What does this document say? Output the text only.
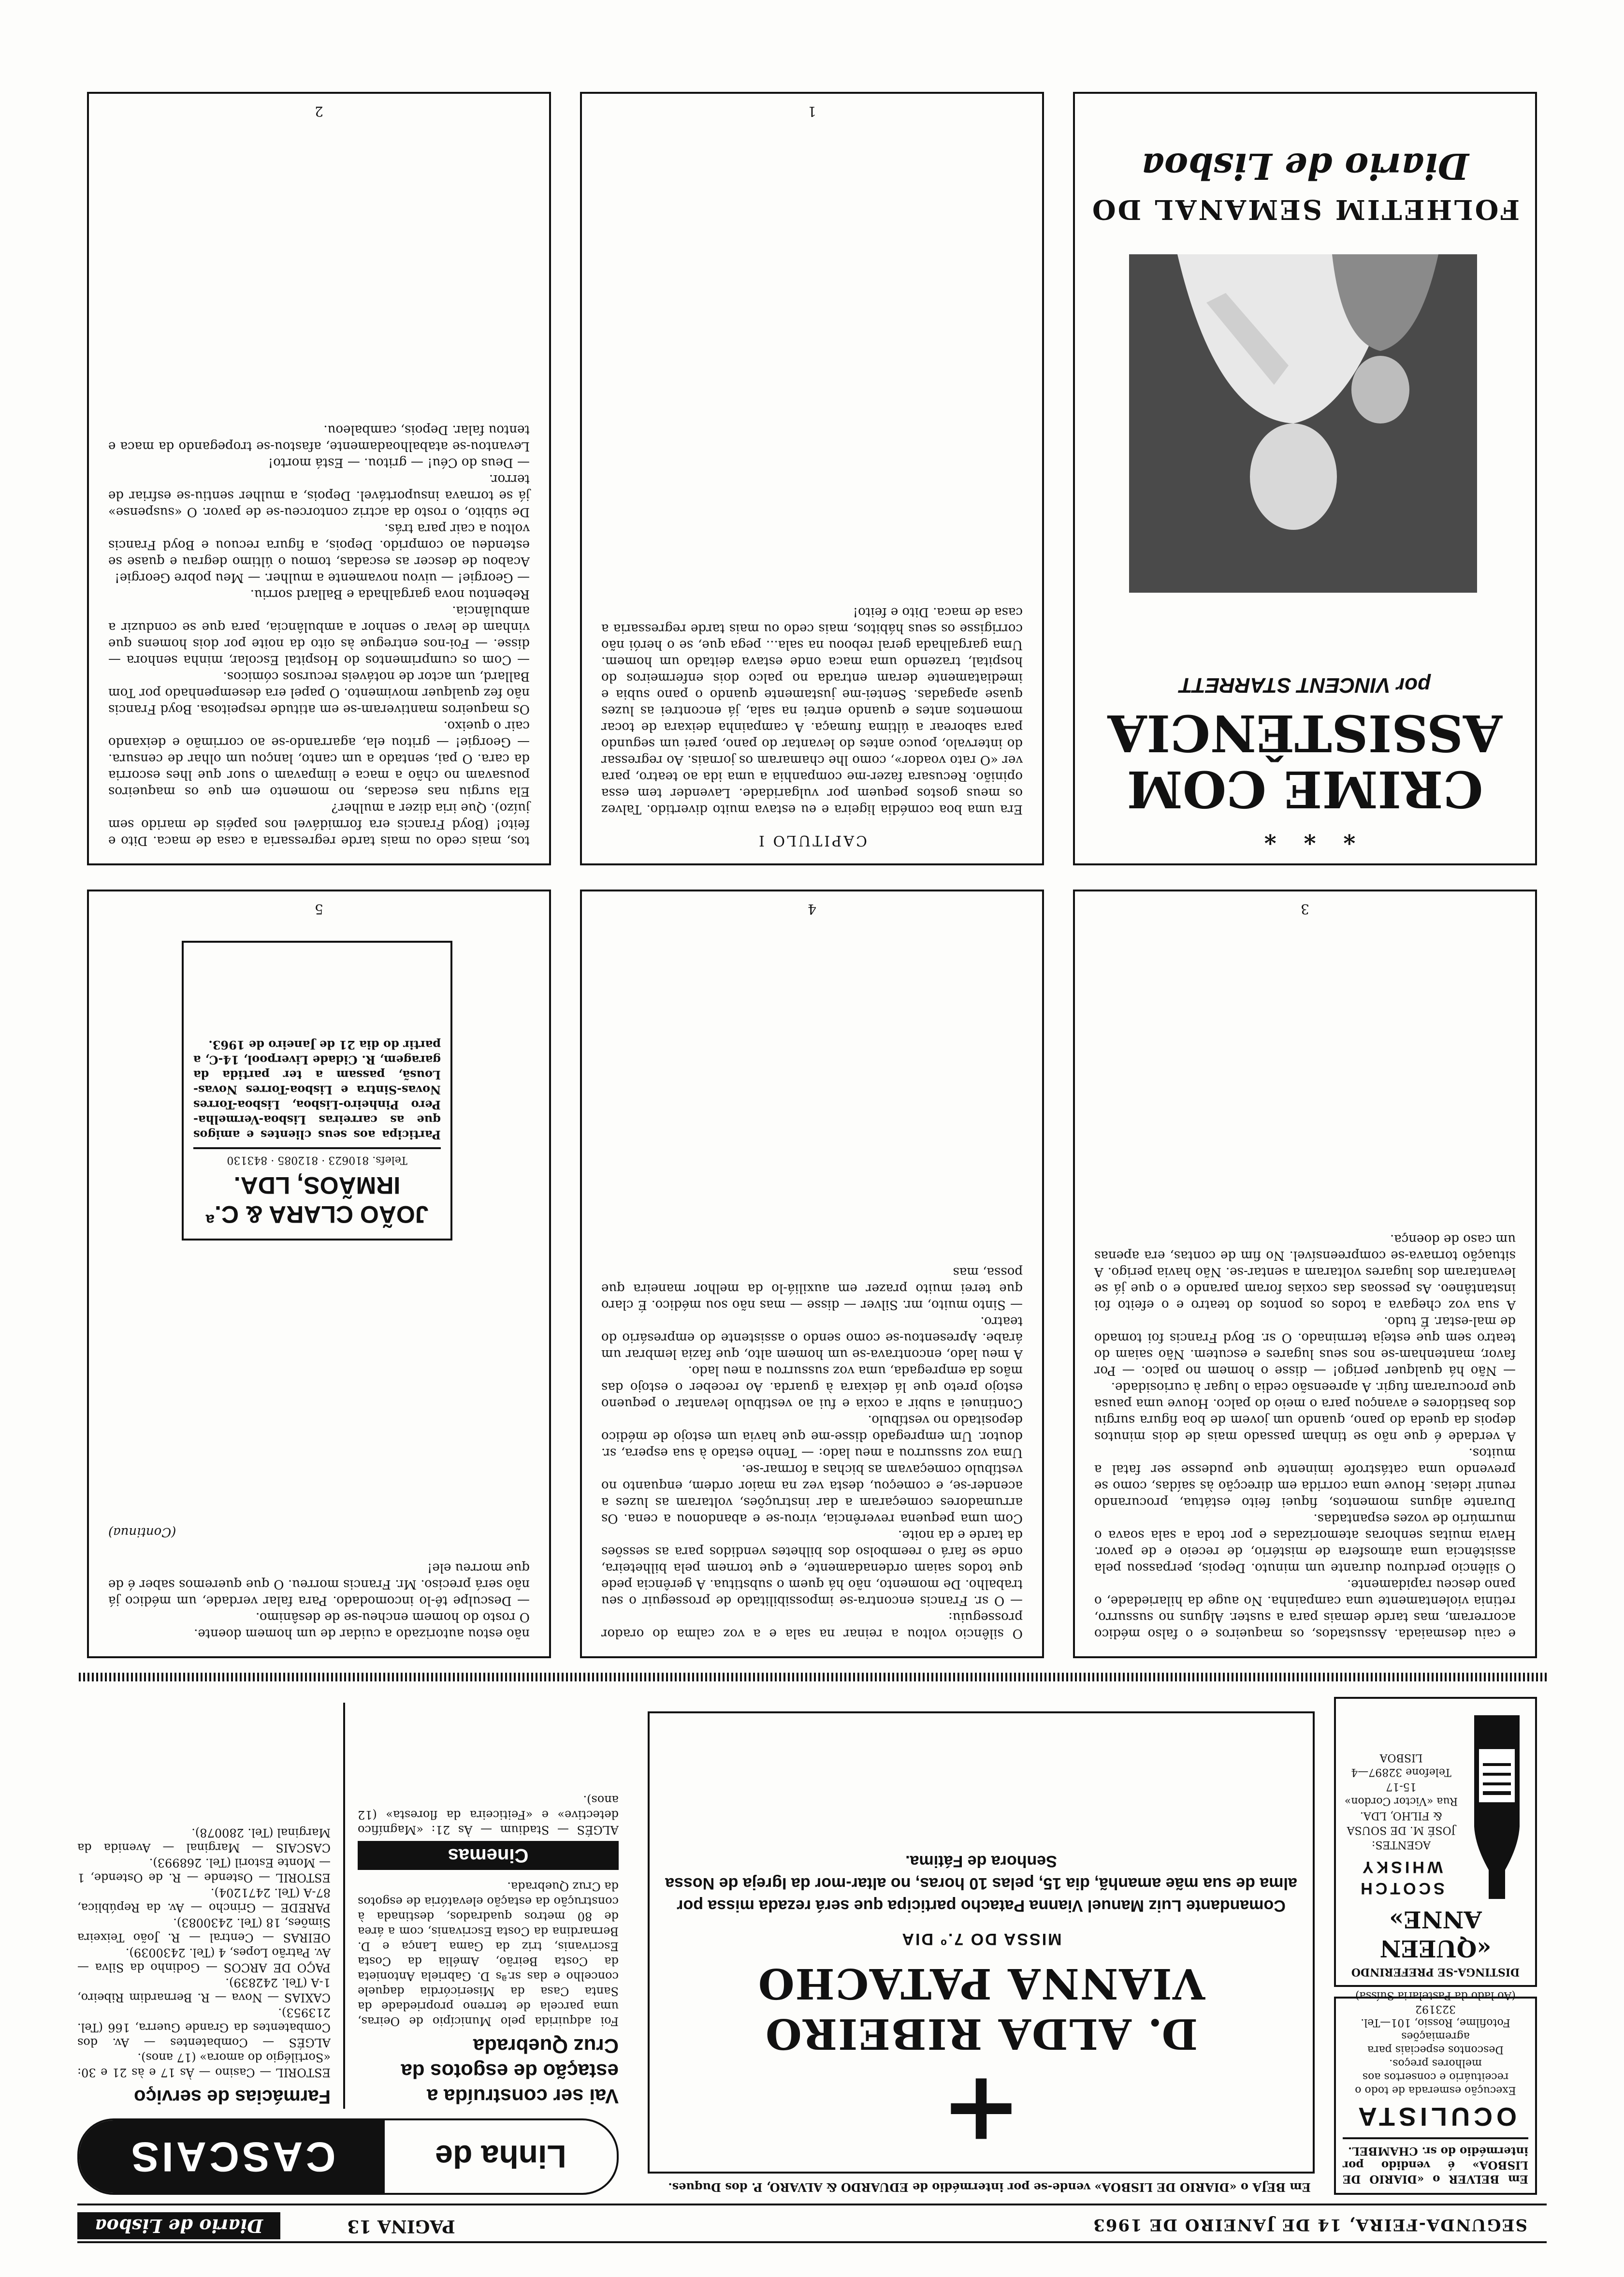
SEGUNDA-FEIRA, 14 DE JANEIRO DE 1963
PAGINA 13
Diario de Lisboa
Em BELVER o «DIARIO DE LISBOA» é vendido por intermédio do sr. CHAMBEL.
OCULISTA
Execução esmerada de todo o receituário e consertos aos melhores preços.
Descontos especiais para agremiações
Fotofilme, Rossio, 101—Tel. 323192
(Ao lado da Pastelaria Suíssa)
DISTINGA-SE PREFERINDO
«QUEEN ANNE»
SCOTCH WHISKY
AGENTES:
JOSÉ M. DE SOUSA & FILHO, LDA.
Rua «Victor Cordon» 15-17
Telefone 32897—4
LISBOA
Em BEJA o «DIARIO DE LISBOA» vende-se por intermédio de EDUARDO & ALVARO, P. dos Duques.
+
D. ALDA RIBEIRO VIANNA PATACHO
MISSA DO 7.º DIA
Comandante Luiz Manuel Vianna Patacho participa que será rezada missa por alma de sua mãe amanhã, dia 15, pelas 10 horas, no altar-mor da Igreja de Nossa Senhora de Fátima.
Linha de
CASCAIS
Vai ser construída a estação de esgotos da Cruz Quebrada
Foi adquirida pelo Município de Oeiras, uma parcela de terreno propriedade da Santa Casa da Misericórdia daquele concelho e das sr.ªs D. Gabriela Antonieta da Costa Beirão, Amélia da Costa Escrivanis, triz da Gama Lança e D. Bernardina da Costa Escrivanis, com a área de 80 metros quadrados, destinada à construção da estação elevatória de esgotos da Cruz Quebrada.
Cinemas
ALGÉS — Stadium — Às 21: «Magnífico detective» e «Feiticeira da floresta» (12 anos).
Farmácias de serviço
ESTORIL — Casino — Às 17 e às 21 e 30: «Sortilégio do amora» (17 anos).
ALGÉS — Combatentes — Av. dos Combatentes da Grande Guerra, 166 (Tel. 213953).
CAXIAS — Nova — R. Bernardim Ribeiro, 1-A (Tel. 242839).
PAÇO DE ARCOS — Godinho da Silva — Av. Patrão Lopes, 4 (Tel. 2430039).
OEIRAS — Central — R. João Teixeira Simões, 18 (Tel. 2430083).
PAREDE — Grincho — Av. da República, 87-A (Tel. 2471204).
ESTORIL — Ostende — R. de Ostende, 1 — Monte Estoril (Tel. 268993).
CASCAIS — Marginal — Avenida da Marginal (Tel. 280078).
e caiu desmaiada. Assustados, os maqueiros e o falso médico acorreram, mas tarde demais para a suster. Alguns no sussurro, retinia violentamente uma campainha. No auge da hilariedade, o pano desceu rapidamente.
O silêncio perdurou durante um minuto. Depois, perpassou pela assistência uma atmosfera de mistério, de receio e de pavor. Havia muitas senhoras atemorizadas e por toda a sala soava o murmúrio de vozes espantadas.
Durante alguns momentos, fiquei feito estátua, procurando reunir ideias. Houve uma corrida em direcção às saídas, como se prevendo uma catástrofe iminente que pudesse ser fatal a muitos.
A verdade é que não se tinham passado mais de dois minutos depois da queda do pano, quando um jovem de boa figura surgiu dos bastidores e avançou para o meio do palco. Houve uma pausa que procuraram fugir. A apreensão cedia o lugar à curiosidade.
— Não há qualquer perigo! — disse o homem no palco. — Por favor, mantenham-se nos seus lugares e escutem. Não saiam do teatro sem que esteja terminado. O sr. Boyd Francis foi tomado de mal-estar. É tudo.
A sua voz chegava a todos os pontos do teatro e o efeito foi instantâneo. As pessoas das coxias foram parando e o que já se levantaram dos lugares voltaram a sentar-se. Não havia perigo. A situação tornava-se compreensível. No fim de contas, era apenas um caso de doença.
3
O silêncio voltou a reinar na sala e a voz calma do orador prosseguiu:
— O sr. Francis encontra-se impossibilitado de prosseguir o seu trabalho. De momento, não há quem o substitua. A gerência pede que todos saiam ordenadamente, e que tornem pela bilheteira, onde se fará o reembolso dos bilhetes vendidos para as sessões da tarde e da noite.
Com uma pequena reverência, virou-se e abandonou a cena. Os arrumadores começaram a dar instruções, voltaram as luzes a acender-se, e começou, desta vez na maior ordem, enquanto no vestíbulo começavam as bichas a formar-se.
Uma voz sussurrou a meu lado: — Tenho estado à sua espera, sr. doutor. Um empregado disse-me que havia um estojo de médico depositado no vestíbulo.
Continuei a subir a coxia e fui ao vestíbulo levantar o pequeno estojo preto que lá deixara à guarda. Ao receber o estojo das mãos da empregada, uma voz sussurrou a meu lado.
A meu lado, encontrava-se um homem alto, que fazia lembrar um árabe. Apresentou-se como sendo o assistente do empresário do teatro.
— Sinto muito, mr. Silver — disse — mas não sou médico. É claro que terei muito prazer em auxiliá-lo da melhor maneira que possa, mas
4
não estou autorizado a cuidar de um homem doente.
O rosto do homem encheu-se de desânimo.
— Desculpe tê-lo incomodado. Para falar verdade, um médico já não será preciso. Mr. Francis morreu. O que queremos saber é de que morreu ele!
(Continua)
JOÃO CLARA & C.ª IRMÃOS, LDA.
Telefs. 810623 · 812085 · 843130
Participa aos seus clientes e amigos que as carreiras Lisboa-Vermelha-Pero Pinheiro-Lisboa, Lisboa-Torres Novas-Sintra e Lisboa-Torres Novas-Lousã, passam a ter partida da garagem, R. Cidade Liverpool, 14-C, a partir do dia 21 de Janeiro de 1963.
5
* * *
CRIME COM ASSISTÊNCIA
por VINCENT STARRETT
FOLHETIM SEMANAL DO
Diario de Lisboa
CAPITULO I
Era uma boa comédia ligeira e eu estava muito divertido. Talvez os meus gostos pequem por vulgaridade. Lavender tem essa opinião. Recusara fazer-me companhia a uma ida ao teatro, para ver «O rato voador», como lhe chamaram os jornais. Ao regressar do intervalo, pouco antes do levantar do pano, parei um segundo para saborear a última fumaça. A campainha deixara de tocar momentos antes e quando entrei na sala, já encontrei as luzes quase apagadas. Sentei-me justamente quando o pano subia e imediatamente deram entrada no palco dois enfermeiros do hospital, trazendo uma maca onde estava deitado um homem. Uma gargalhada geral reboou na sala... pega que, se o herói não corrigisse os seus hábitos, mais cedo ou mais tarde regressaria a casa de maca. Dito e feito!
1
tos, mais cedo ou mais tarde regressaria a casa de maca. Dito e feito! (Boyd Francis era formidável nos papéis de marido sem juízo). Que iria dizer a mulher?
Ela surgiu nas escadas, no momento em que os maqueiros pousavam no chão a maca e limpavam o suor que lhes escorria da cara. O pai, sentado a um canto, lançou um olhar de censura. — Georgie! — gritou ela, agarrando-se ao corrimão e deixando cair o queixo.
Os maqueiros mantiveram-se em atitude respeitosa. Boyd Francis não fez qualquer movimento. O papel era desempenhado por Tom Ballard, um actor de notáveis recursos cómicos.
— Com os cumprimentos do Hospital Escolar, minha senhora — disse. — Foi-nos entregue às oito da noite por dois homens que vinham de levar o senhor a ambulância, para que se conduzir a ambulância.
Rebentou nova gargalhada e Ballard sorriu.
— Georgie! — uivou novamente a mulher. — Meu pobre Georgie!
Acabou de descer as escadas, tomou o último degrau e quase se estendeu ao comprido. Depois, a figura recuou e Boyd Francis voltou a cair para trás.
De súbito, o rosto da actriz contorceu-se de pavor. O «suspense» já se tornava insuportável. Depois, a mulher sentiu-se esfriar de terror.
— Deus do Céu! — gritou. — Está morto!
Levantou-se atabalhoadamente, afastou-se tropegando da maca e tentou falar. Depois, cambaleou.
2
